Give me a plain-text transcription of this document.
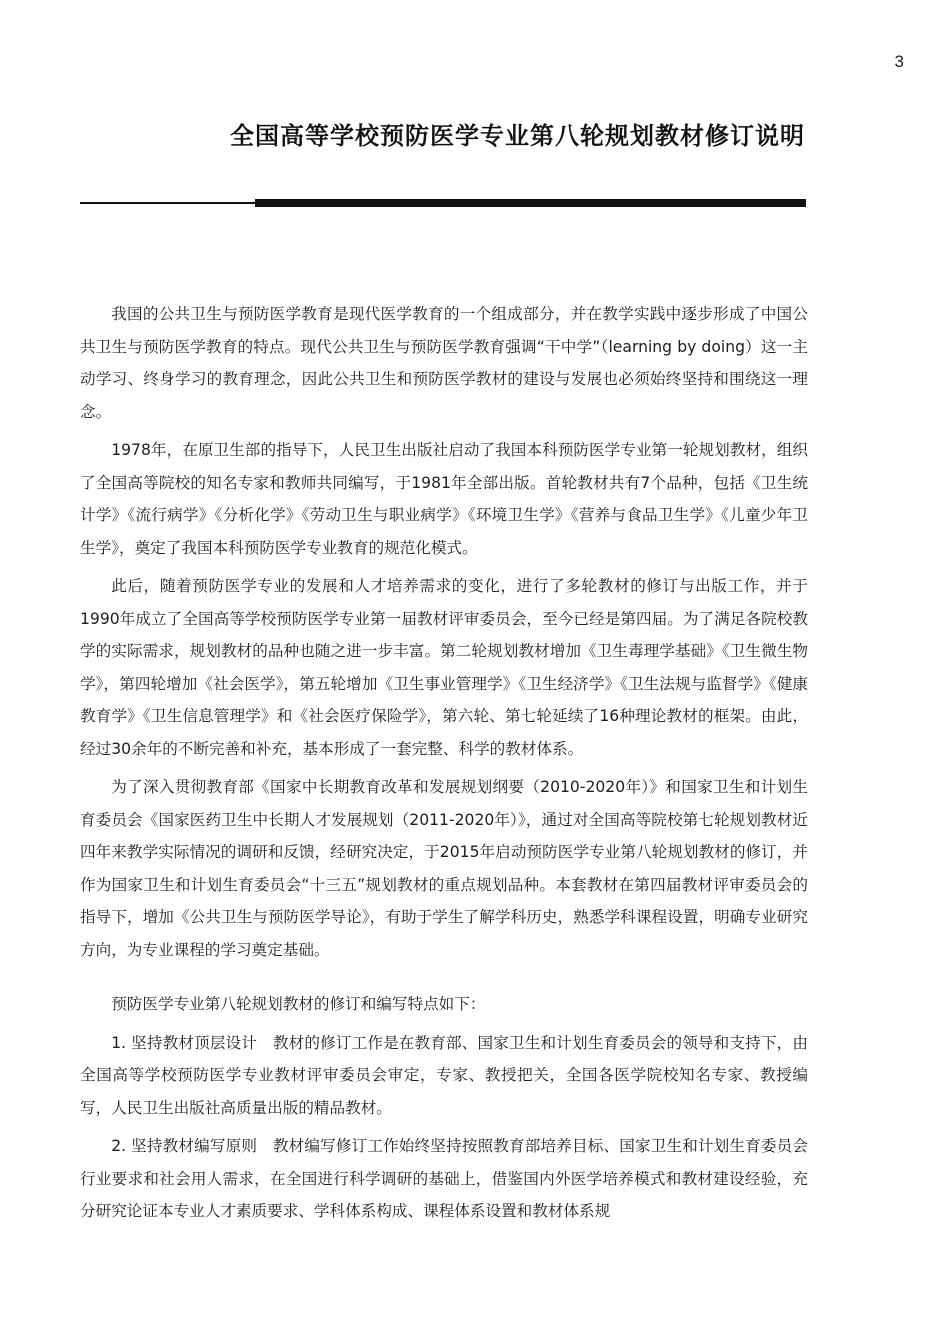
3
全国高等学校预防医学专业第八轮规划教材修订说明

我国的公共卫生与预防医学教育是现代医学教育的一个组成部分，并在教学实践中逐步形成了中国公共卫生与预防医学教育的特点。现代公共卫生与预防医学教育强调“干中学”（learning by doing）这一主动学习、终身学习的教育理念，因此公共卫生和预防医学教材的建设与发展也必须始终坚持和围绕这一理念。

1978年，在原卫生部的指导下，人民卫生出版社启动了我国本科预防医学专业第一轮规划教材，组织了全国高等院校的知名专家和教师共同编写，于1981年全部出版。首轮教材共有7个品种，包括《卫生统计学》《流行病学》《分析化学》《劳动卫生与职业病学》《环境卫生学》《营养与食品卫生学》《儿童少年卫生学》，奠定了我国本科预防医学专业教育的规范化模式。

此后，随着预防医学专业的发展和人才培养需求的变化，进行了多轮教材的修订与出版工作，并于1990年成立了全国高等学校预防医学专业第一届教材评审委员会，至今已经是第四届。为了满足各院校教学的实际需求，规划教材的品种也随之进一步丰富。第二轮规划教材增加《卫生毒理学基础》《卫生微生物学》，第四轮增加《社会医学》，第五轮增加《卫生事业管理学》《卫生经济学》《卫生法规与监督学》《健康教育学》《卫生信息管理学》和《社会医疗保险学》，第六轮、第七轮延续了16种理论教材的框架。由此，经过30余年的不断完善和补充，基本形成了一套完整、科学的教材体系。

为了深入贯彻教育部《国家中长期教育改革和发展规划纲要（2010-2020年）》和国家卫生和计划生育委员会《国家医药卫生中长期人才发展规划（2011-2020年）》，通过对全国高等院校第七轮规划教材近四年来教学实际情况的调研和反馈，经研究决定，于2015年启动预防医学专业第八轮规划教材的修订，并作为国家卫生和计划生育委员会“十三五”规划教材的重点规划品种。本套教材在第四届教材评审委员会的指导下，增加《公共卫生与预防医学导论》，有助于学生了解学科历史，熟悉学科课程设置，明确专业研究方向，为专业课程的学习奠定基础。

预防医学专业第八轮规划教材的修订和编写特点如下：

1. 坚持教材顶层设计　教材的修订工作是在教育部、国家卫生和计划生育委员会的领导和支持下，由全国高等学校预防医学专业教材评审委员会审定，专家、教授把关，全国各医学院校知名专家、教授编写，人民卫生出版社高质量出版的精品教材。

2. 坚持教材编写原则　教材编写修订工作始终坚持按照教育部培养目标、国家卫生和计划生育委员会行业要求和社会用人需求，在全国进行科学调研的基础上，借鉴国内外医学培养模式和教材建设经验，充分研究论证本专业人才素质要求、学科体系构成、课程体系设置和教材体系规
